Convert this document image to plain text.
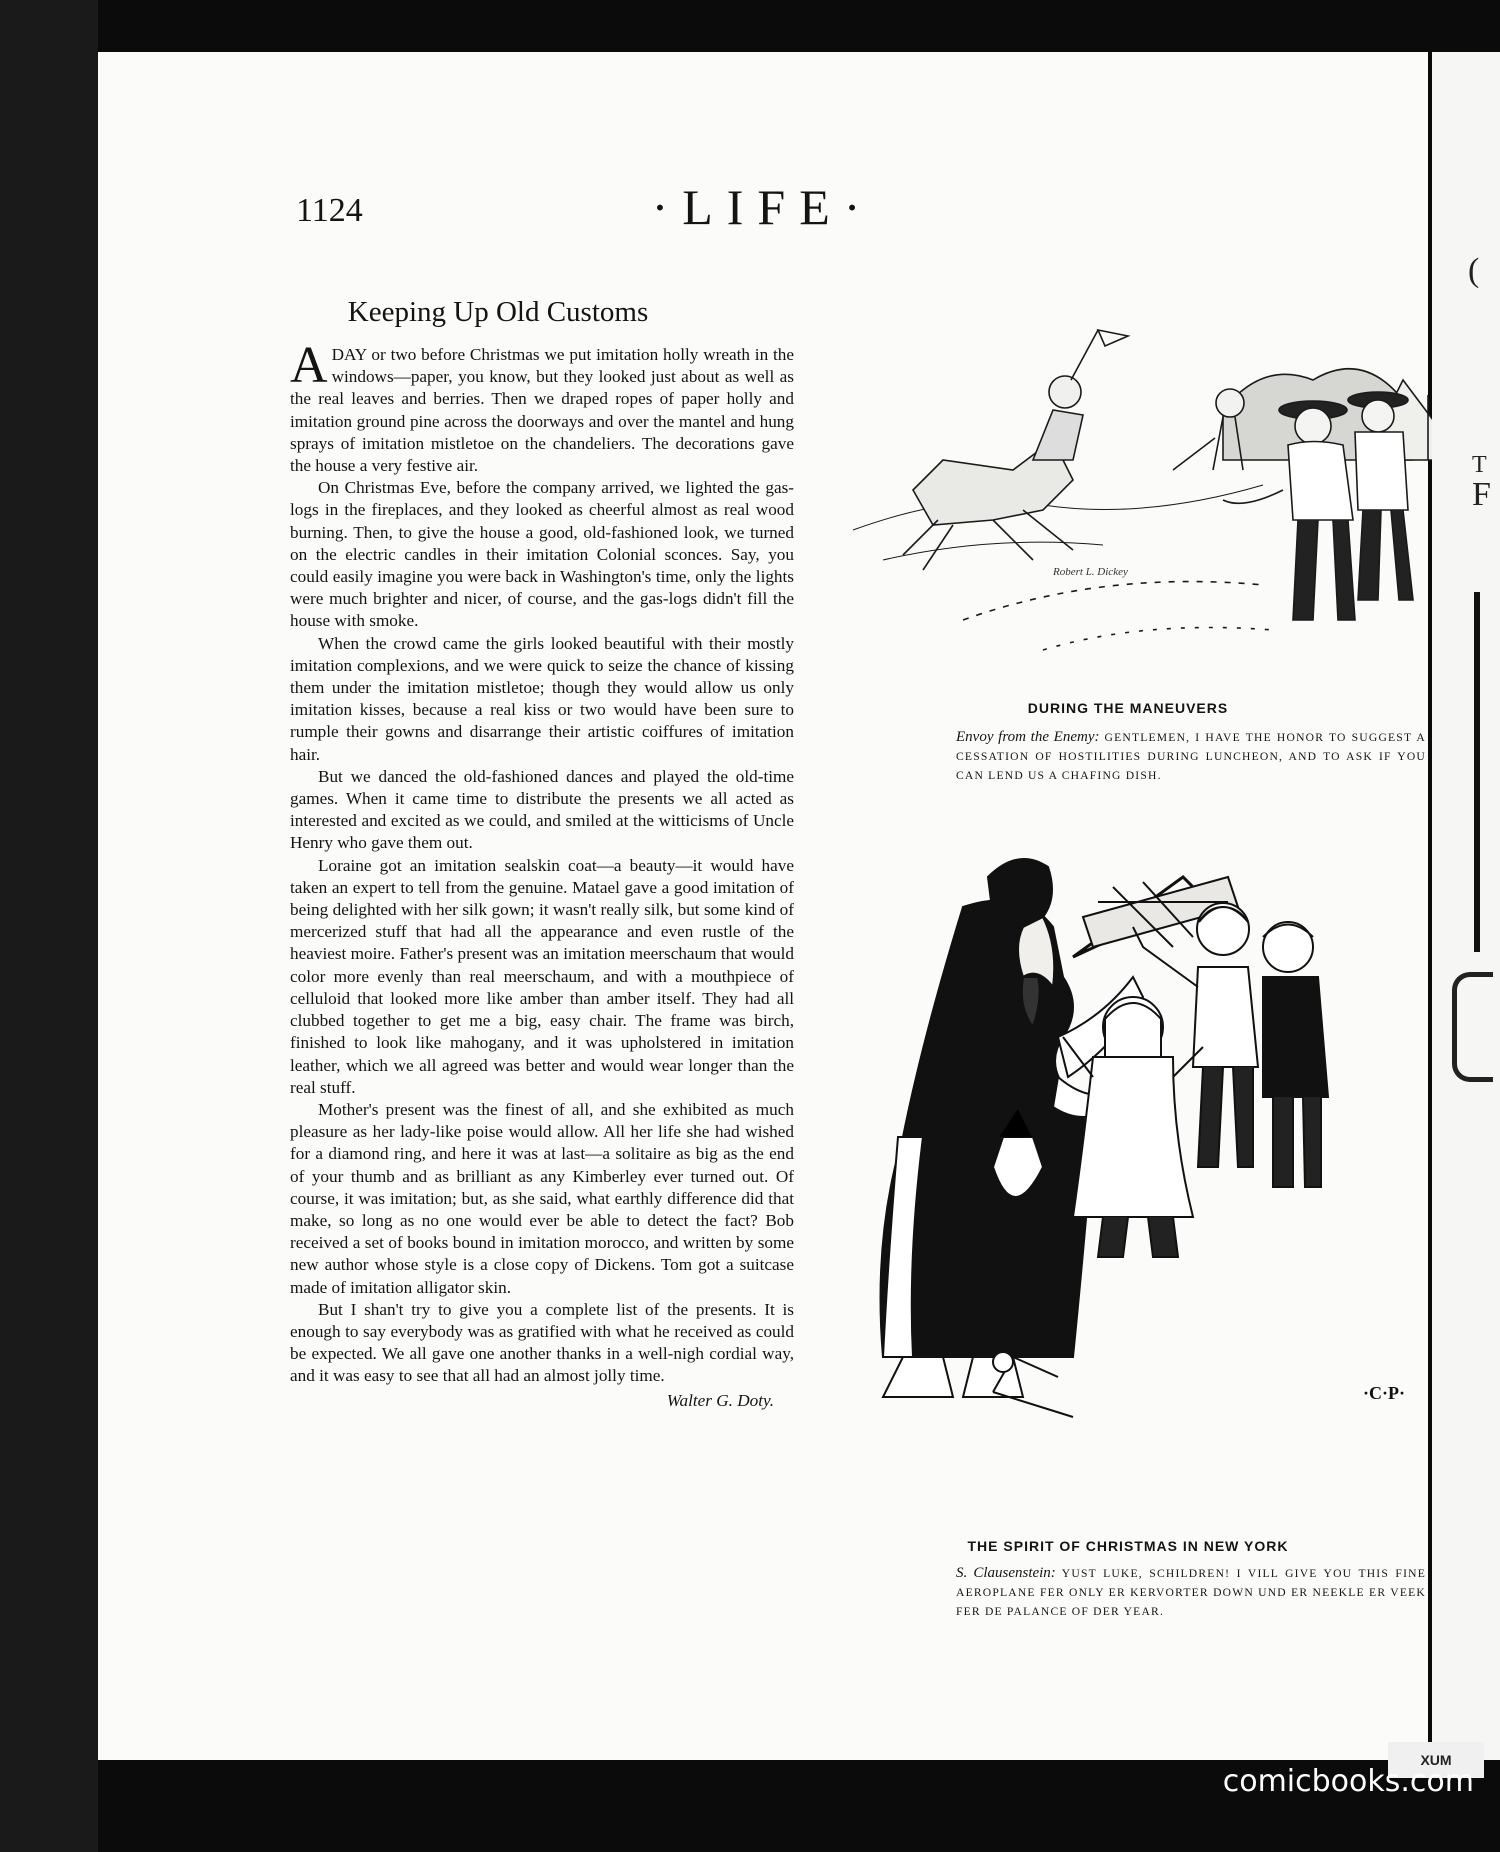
1124	·LIFE·
Keeping Up Old Customs

A DAY or two before Christmas we put imitation holly wreath in the windows—paper, you know, but they looked just about as well as the real leaves and berries. Then we draped ropes of paper holly and imitation ground pine across the doorways and over the mantel and hung sprays of imitation mistletoe on the chandeliers. The decorations gave the house a very festive air.

On Christmas Eve, before the company arrived, we lighted the gas-logs in the fireplaces, and they looked as cheerful almost as real wood burning. Then, to give the house a good, old-fashioned look, we turned on the electric candles in their imitation Colonial sconces. Say, you could easily imagine you were back in Washington's time, only the lights were much brighter and nicer, of course, and the gas-logs didn't fill the house with smoke.

When the crowd came the girls looked beautiful with their mostly imitation complexions, and we were quick to seize the chance of kissing them under the imitation mistletoe; though they would allow us only imitation kisses, because a real kiss or two would have been sure to rumple their gowns and disarrange their artistic coiffures of imitation hair.

But we danced the old-fashioned dances and played the old-time games. When it came time to distribute the presents we all acted as interested and excited as we could, and smiled at the witticisms of Uncle Henry who gave them out.

Loraine got an imitation sealskin coat—a beauty—it would have taken an expert to tell from the genuine. Matael gave a good imitation of being delighted with her silk gown; it wasn't really silk, but some kind of mercerized stuff that had all the appearance and even rustle of the heaviest moire. Father's present was an imitation meerschaum that would color more evenly than real meerschaum, and with a mouthpiece of celluloid that looked more like amber than amber itself. They had all clubbed together to get me a big, easy chair. The frame was birch, finished to look like mahogany, and it was upholstered in imitation leather, which we all agreed was better and would wear longer than the real stuff.

Mother's present was the finest of all, and she exhibited as much pleasure as her lady-like poise would allow. All her life she had wished for a diamond ring, and here it was at last—a solitaire as big as the end of your thumb and as brilliant as any Kimberley ever turned out. Of course, it was imitation; but, as she said, what earthly difference did that make, so long as no one would ever be able to detect the fact? Bob received a set of books bound in imitation morocco, and written by some new author whose style is a close copy of Dickens. Tom got a suitcase made of imitation alligator skin.

But I shan't try to give you a complete list of the presents. It is enough to say everybody was as gratified with what he received as could be expected. We all gave one another thanks in a well-nigh cordial way, and it was easy to see that all had an almost jolly time.

Walter G. Doty.
Robert L. Dickey
DURING THE MANEUVERS
Envoy from the Enemy: GENTLEMEN, I HAVE THE HONOR TO SUGGEST A CESSATION OF HOSTILITIES DURING LUNCHEON, AND TO ASK IF YOU CAN LEND US A CHAFING DISH.
·C·P·
THE SPIRIT OF CHRISTMAS IN NEW YORK
S. Clausenstein: YUST LUKE, SCHILDREN! I VILL GIVE YOU THIS FINE AEROPLANE FER ONLY ER KERVORTER DOWN UND ER NEEKLE ER VEEK FER DE PALANCE OF DER YEAR.
(
T
F
XUM
comicbooks.com
